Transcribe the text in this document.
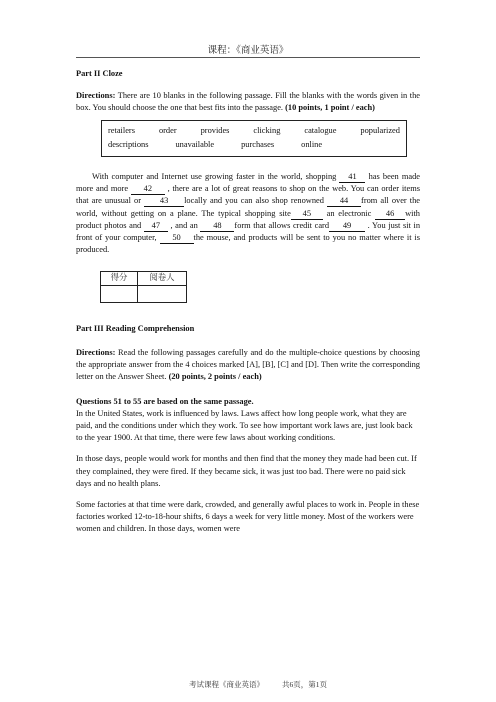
课程：《商业英语》
Part II Cloze
Directions: There are 10 blanks in the following passage. Fill the blanks with the words given in the box. You should choose the one that best fits into the passage. (10 points, 1 point / each)
retailers	order	provides	clicking	catalogue	popularized
descriptions	unavailable	purchases	online
With computer and Internet use growing faster in the world, shopping 41 has been made more and more 42 , there are a lot of great reasons to shop on the web. You can order items that are unusual or 43 locally and you can also shop renowned 44 from all over the world, without getting on a plane. The typical shopping site 45 an electronic 46 with product photos and 47 , and an 48 form that allows credit card 49 . You just sit in front of your computer, 50 the mouse, and products will be sent to you no matter where it is produced.
得分	阅卷人

Part III Reading Comprehension
Directions: Read the following passages carefully and do the multiple-choice questions by choosing the appropriate answer from the 4 choices marked [A], [B], [C] and [D]. Then write the corresponding letter on the Answer Sheet. (20 points, 2 points / each)
Questions 51 to 55 are based on the same passage.
In the United States, work is influenced by laws. Laws affect how long people work, what they are paid, and the conditions under which they work. To see how important work laws are, just look back to the year 1900. At that time, there were few laws about working conditions.
In those days, people would work for months and then find that the money they made had been cut. If they complained, they were fired. If they became sick, it was just too bad. There were no paid sick days and no health plans.
Some factories at that time were dark, crowded, and generally awful places to work in. People in these factories worked 12-to-18-hour shifts, 6 days a week for very little money. Most of the workers were women and children. In those days, women were
考试课程《商业英语》 共6页，第1页
